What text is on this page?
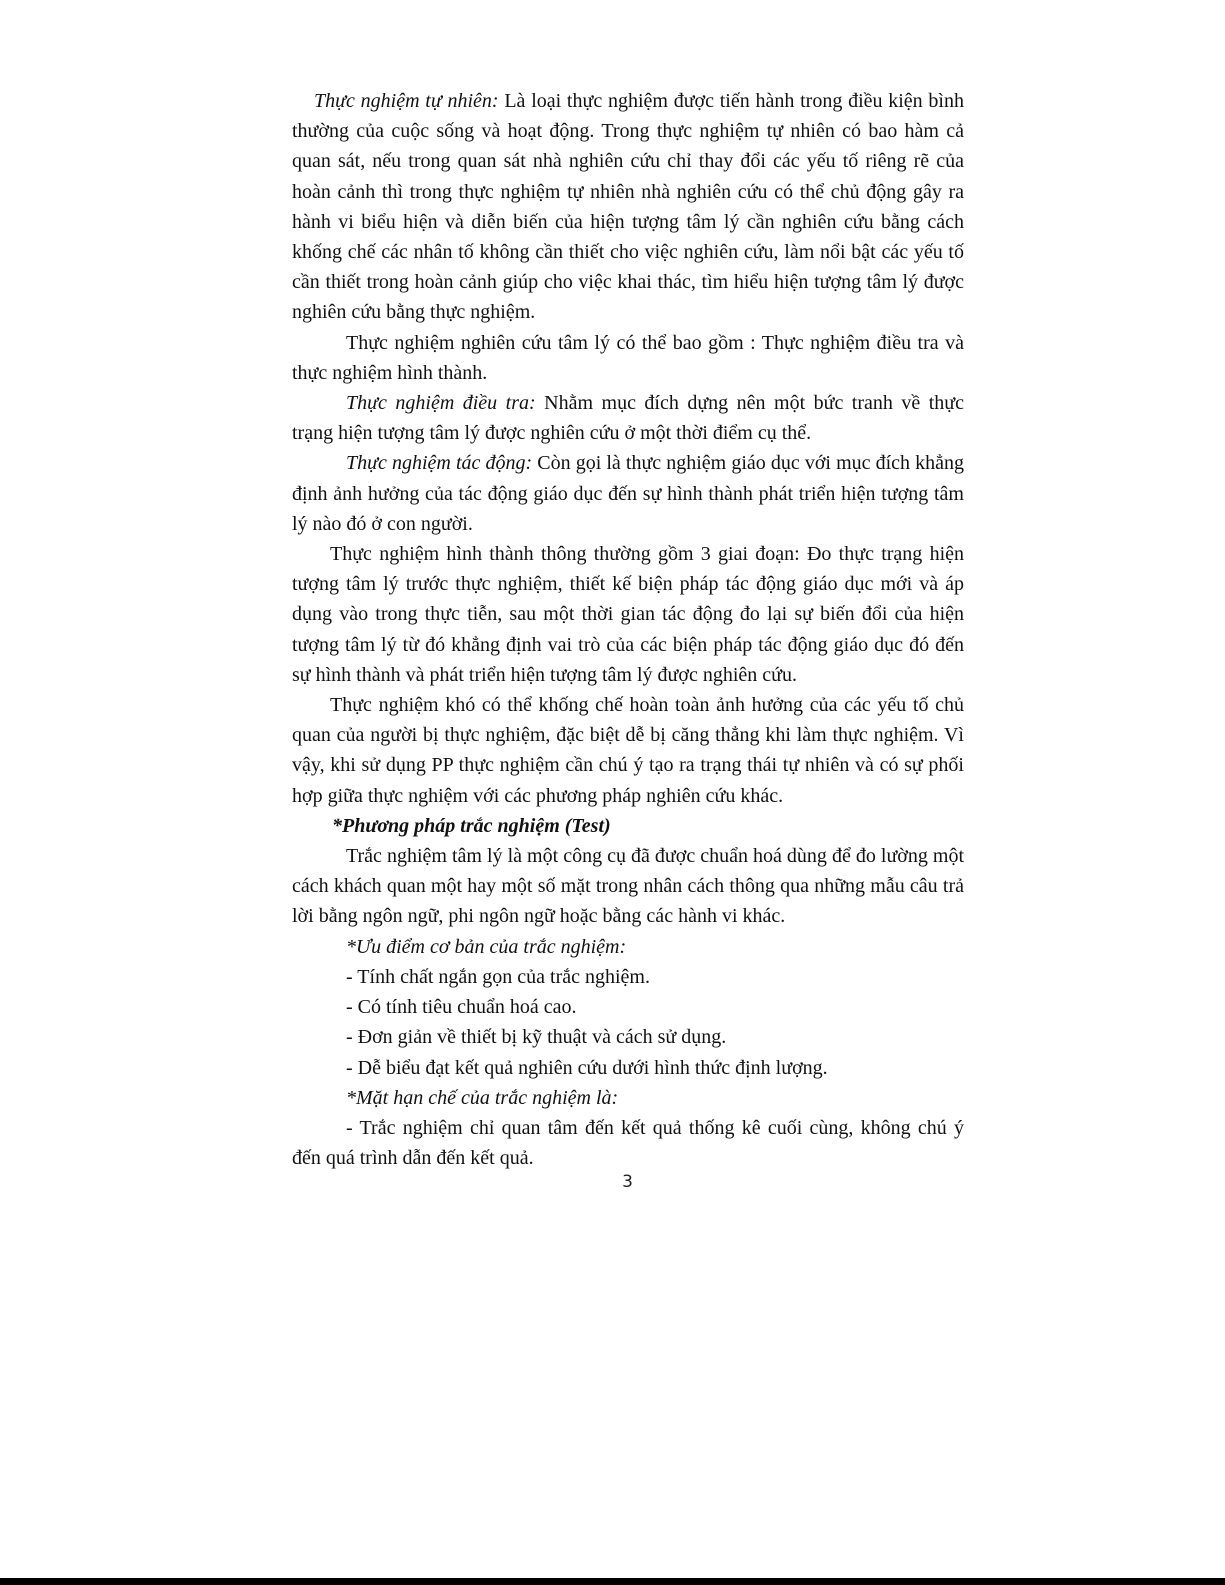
Thực nghiệm tự nhiên: Là loại thực nghiệm được tiến hành trong điều kiện bình thường của cuộc sống và hoạt động. Trong thực nghiệm tự nhiên có bao hàm cả quan sát, nếu trong quan sát nhà nghiên cứu chỉ thay đổi các yếu tố riêng rẽ của hoàn cảnh thì trong thực nghiệm tự nhiên nhà nghiên cứu có thể chủ động gây ra hành vi biểu hiện và diễn biến của hiện tượng tâm lý cần nghiên cứu bằng cách khống chế các nhân tố không cần thiết cho việc nghiên cứu, làm nổi bật các yếu tố cần thiết trong hoàn cảnh giúp cho việc khai thác, tìm hiểu hiện tượng tâm lý được nghiên cứu bằng thực nghiệm.

Thực nghiệm nghiên cứu tâm lý có thể bao gồm : Thực nghiệm điều tra và thực nghiệm hình thành.

Thực nghiệm điều tra: Nhằm mục đích dựng nên một bức tranh về thực trạng hiện tượng tâm lý được nghiên cứu ở một thời điểm cụ thể.

Thực nghiệm tác động: Còn gọi là thực nghiệm giáo dục với mục đích khẳng định ảnh hưởng của tác động giáo dục đến sự hình thành phát triển hiện tượng tâm lý nào đó ở con người.

Thực nghiệm hình thành thông thường gồm 3 giai đoạn: Đo thực trạng hiện tượng tâm lý trước thực nghiệm, thiết kế biện pháp tác động giáo dục mới và áp dụng vào trong thực tiễn, sau một thời gian tác động đo lại sự biến đổi của hiện tượng tâm lý từ đó khẳng định vai trò của các biện pháp tác động giáo dục đó đến sự hình thành và phát triển hiện tượng tâm lý được nghiên cứu.

Thực nghiệm khó có thể khống chế hoàn toàn ảnh hưởng của các yếu tố chủ quan của người bị thực nghiệm, đặc biệt dễ bị căng thẳng khi làm thực nghiệm. Vì vậy, khi sử dụng PP thực nghiệm cần chú ý tạo ra trạng thái tự nhiên và có sự phối hợp giữa thực nghiệm với các phương pháp nghiên cứu khác.

*Phương pháp trắc nghiệm (Test)

Trắc nghiệm tâm lý là một công cụ đã được chuẩn hoá dùng để đo lường một cách khách quan một hay một số mặt trong nhân cách thông qua những mẫu câu trả lời bằng ngôn ngữ, phi ngôn ngữ hoặc bằng các hành vi khác.

*Ưu điểm cơ bản của trắc nghiệm:

- Tính chất ngắn gọn của trắc nghiệm.

- Có tính tiêu chuẩn hoá cao.

- Đơn giản về thiết bị kỹ thuật và cách sử dụng.

- Dễ biểu đạt kết quả nghiên cứu dưới hình thức định lượng.

*Mặt hạn chế của trắc nghiệm là:

- Trắc nghiệm chỉ quan tâm đến kết quả thống kê cuối cùng, không chú ý đến quá trình dẫn đến kết quả.

3
